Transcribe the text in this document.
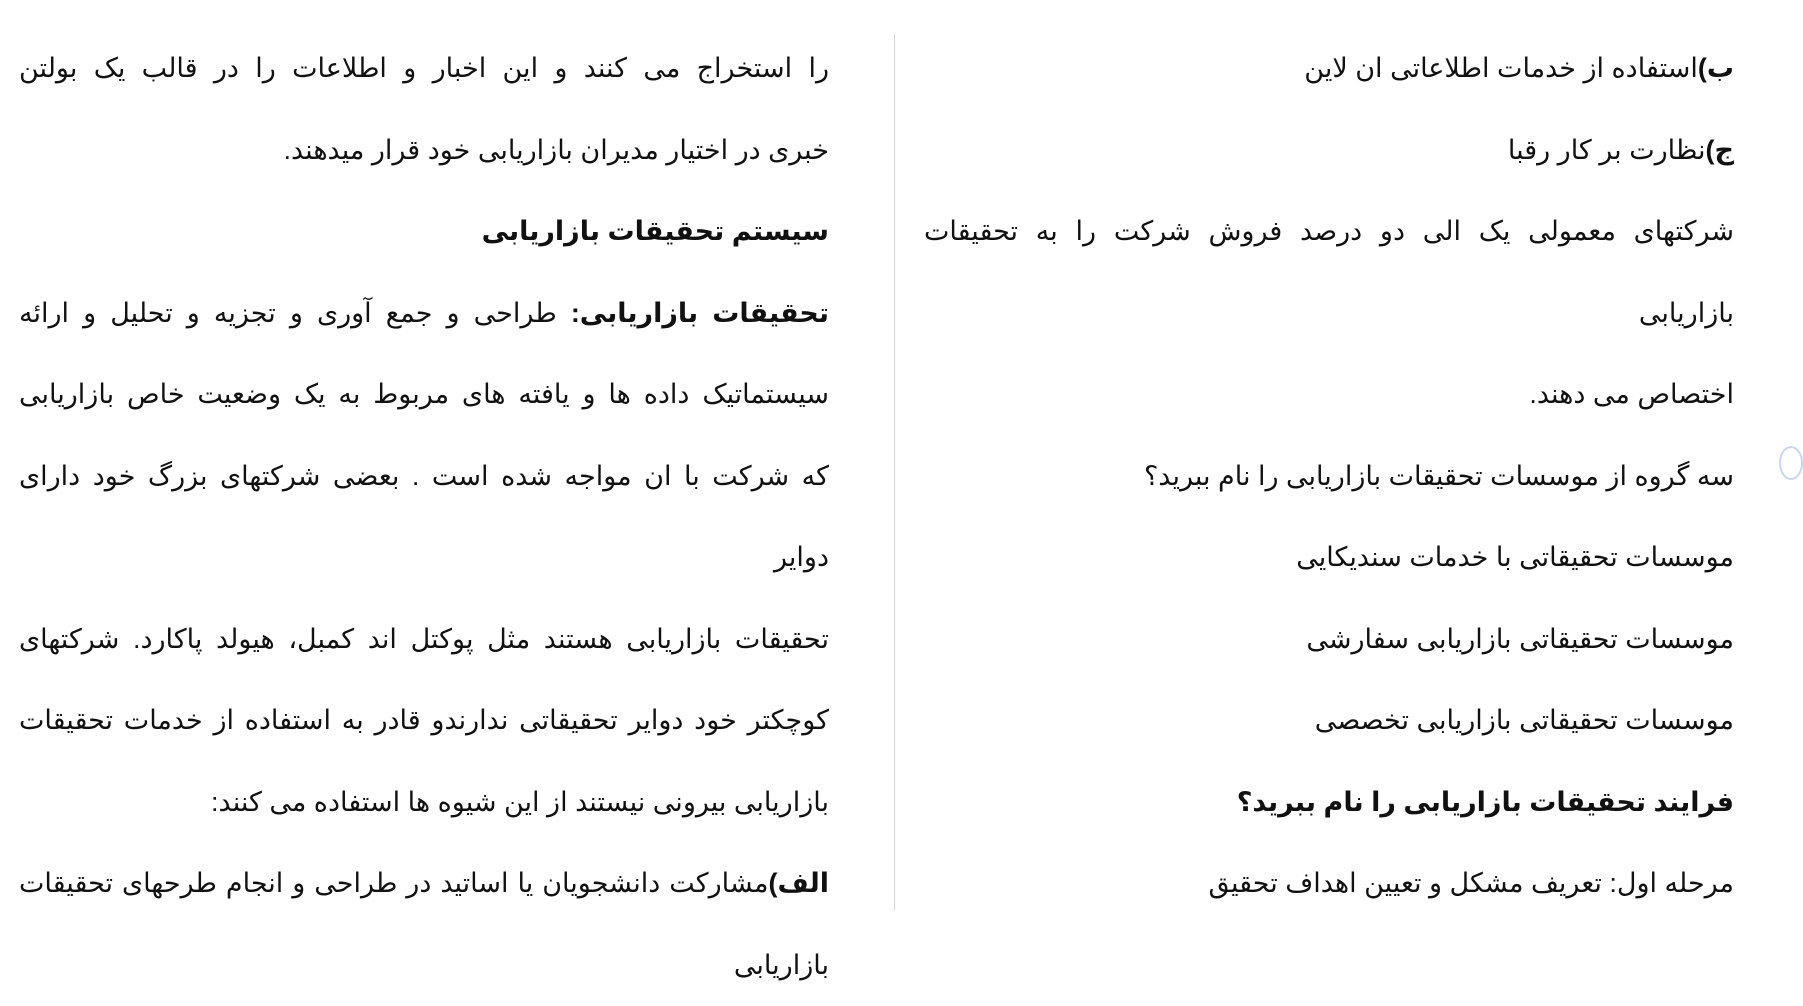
را استخراج می کنند و این اخبار و اطلاعات را در قالب یک بولتن
خبری در اختیار مدیران بازاریابی خود قرار میدهند.
سیستم تحقیقات بازاریابی
تحقیقات بازاریابی: طراحی و جمع آوری و تجزیه و تحلیل و ارائه
سیستماتیک داده ها و یافته های مربوط به یک وضعیت خاص بازاریابی
که شرکت با ان مواجه شده است . بعضی شرکتهای بزرگ خود دارای دوایر
تحقیقات بازاریابی هستند مثل پوکتل اند کمبل، هیولد پاکارد. شرکتهای
کوچکتر خود دوایر تحقیقاتی ندارندو قادر به استفاده از خدمات تحقیقات
بازاریابی بیرونی نیستند از این شیوه ها استفاده می کنند:
الف)مشارکت دانشجویان یا اساتید در طراحی و انجام طرحهای تحقیقات
بازاریابی
ب)استفاده از خدمات اطلاعاتی ان لاین
ج)نظارت بر کار رقبا
شرکتهای معمولی یک الی دو درصد فروش شرکت را به تحقیقات بازاریابی
اختصاص می دهند.
سه گروه از موسسات تحقیقات بازاریابی را نام ببرید؟
موسسات تحقیقاتی با خدمات سندیکایی
موسسات تحقیقاتی بازاریابی سفارشی
موسسات تحقیقاتی بازاریابی تخصصی
فرایند تحقیقات بازاریابی را نام ببرید؟
مرحله اول: تعریف مشکل و تعیین اهداف تحقیق
